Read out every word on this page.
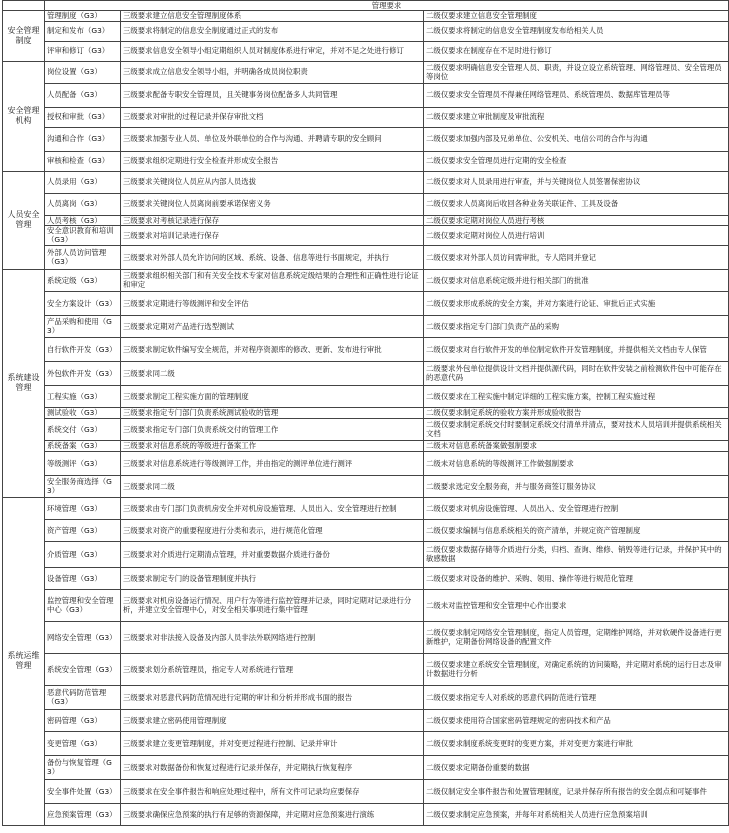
	管理要求		
安全管理制度	管理制度（G3）	三级要求建立信息安全管理制度体系	二级仅要求建立信息安全管理制度
	制定和发布（G3）	三级要求将制定的信息安全制度通过正式的发布	二级仅要求将制定的信息安全管理制度发布给相关人员
	评审和修订（G3）	三级要求信息安全领导小组定期组织人员对制度体系进行审定，并对不足之处进行修订	二级仅要求在制度存在不足时进行修订
安全管理机构	岗位设置（G3）	三级要求成立信息安全领导小组，并明确各成员岗位职责	二级仅要求明确信息安全管理人员、职责，并设立设立系统管理、网络管理员、安全管理员等岗位
	人员配备（G3）	三级要求配备专职安全管理员，且关键事务岗位配备多人共同管理	二级仅要求安全管理员不得兼任网络管理员、系统管理员、数据库管理员等
	授权和审批（G3）	三级要求对审批的过程记录并保存审批文档	二级仅要求建立审批制度及审批流程
	沟通和合作（G3）	三级要求加强专业人员、单位及外联单位的合作与沟通、并聘请专职的安全顾问	二级仅要求加强内部及兄弟单位、公安机关、电信公司的合作与沟通
	审核和检查（G3）	三级要求组织定期进行安全检查并形成安全报告	二级仅要求安全管理员进行定期的安全检查
人员安全管理	人员录用（G3）	三级要求关键岗位人员应从内部人员选拔	二级仅要求对人员录用进行审查，并与关键岗位人员签署保密协议
	人员离岗（G3）	三级要求关键岗位人员离岗前要承诺保密义务	二级仅要求人员离岗后收回各种业务关联证件、工具及设备
	人员考核（G3）	三级要求对考核记录进行保存	二级仅要求定期对岗位人员进行考核
	安全意识教育和培训（G3）	三级要求对培训记录进行保存	二级仅要求定期对岗位人员进行培训
	外部人员访问管理（G3）	三级要求对外部人员允许访问的区域、系统、设备、信息等进行书面规定，并执行	二级仅要求对外部人员访问需审批，专人陪同并登记
系统建设管理	系统定级（G3）	三级要求组织相关部门和有关安全技术专家对信息系统定级结果的合理性和正确性进行论证和审定	二级仅要求对信息系统定级并进行相关部门的批准
	安全方案设计（G3）	三级要求定期进行等级测评和安全评估	二级仅要求形成系统的安全方案，并对方案进行论证、审批后正式实施
	产品采购和使用（G3）	三级要求定期对产品进行选型测试	二级仅要求指定专门部门负责产品的采购
	自行软件开发（G3）	三级要求制定软件编写安全规范，并对程序资源库的修改、更新、发布进行审批	二级仅要求对自行软件开发的单位制定软件开发管理制度，并提供相关文档由专人保管
	外包软件开发（G3）	三级要求同二级	二级要求外包单位提供设计文档并提供源代码，同时在软件安装之前检测软件包中可能存在的恶意代码
	工程实施（G3）	三级要求制定工程实施方面的管理制度	二级仅要求在工程实施中制定详细的工程实施方案，控制工程实施过程
	测试验收（G3）	三级要求指定专门部门负责系统测试验收的管理	二级仅要求制定系统的验收方案并形成验收报告
	系统交付（G3）	三级要求指定专门部门负责系统交付的管理工作	二级仅要求制定系统交付时要制定系统交付清单并清点，要对技术人员培训并提供系统相关文档
	系统备案（G3）	三级要求对信息系统的等级进行备案工作	二级未对信息系统备案做强制要求
	等级测评（G3）	三级要求对信息系统进行等级测评工作，并由指定的测评单位进行测评	二级未对信息系统的等级测评工作做强制要求
	安全服务商选择（G3）	三级要求同二级	二级要求选定安全服务商，并与服务商签订服务协议
系统运维管理	环境管理（G3）	三级要求由专门部门负责机房安全并对机房设施管理、人员出入、安全管理进行控制	二级仅要求对机房设施管理、人员出入、安全管理进行控制
	资产管理（G3）	三级要求对资产的重要程度进行分类和表示，进行规范化管理	二级仅要求编制与信息系统相关的资产清单，并规定资产管理制度
	介质管理（G3）	三级要求对介质进行定期清点管理，并对重要数据介质进行备份	二级仅要求数据存储等介质进行分类，归档、查询、维修、销毁等进行记录，并保护其中的敏感数据
	设备管理（G3）	三级要求制定专门的设备管理制度并执行	二级仅要求对设备的维护、采购、领用、操作等进行规范化管理
	监控管理和安全管理中心（G3）	三级要求对机房设备运行情况、用户行为等进行监控管理并记录，同时定期对记录进行分析，并建立安全管理中心，对安全相关事项进行集中管理	二级未对监控管理和安全管理中心作出要求
	网络安全管理（G3）	三级要求对非法接入设备及内部人员非法外联网络进行控制	二级仅要求制定网络安全管理制度，指定人员管理，定期维护网络，并对软硬件设备进行更新维护，定期备份网络设备的配置文件
	系统安全管理（G3）	三级要求划分系统管理员，指定专人对系统进行管理	二级仅要求建立系统安全管理制度，对确定系统的访问策略，并定期对系统的运行日志及审计数据进行分析
	恶意代码防范管理（G3）	三级要求对恶意代码防范情况进行定期的审计和分析并形成书面的报告	二级仅要求指定专人对系统的恶意代码防范进行管理
	密码管理（G3）	三级要求建立密码使用管理制度	二级仅要求使用符合国家密码管理规定的密码技术和产品
	变更管理（G3）	三级要求建立变更管理制度，并对变更过程进行控制、记录并审计	二级仅要求制度系统变更时的变更方案，并对变更方案进行审批
	备份与恢复管理（G3）	三级要求对数据备份和恢复过程进行记录并保存，并定期执行恢复程序	二级仅要求定期备份重要的数据
	安全事件处置（G3）	三级要求在安全事件报告和响应处理过程中，所有文件可记录均应要保存	二级仅制定安全事件报告和处置管理制度，记录并保存所有报告的安全弱点和可疑事件
	应急预案管理（G3）	三级要求确保应急预案的执行有足够的资源保障，并定期对应急预案进行演练	二级仅要求制定应急预案，并每年对系统相关人员进行应急预案培训
